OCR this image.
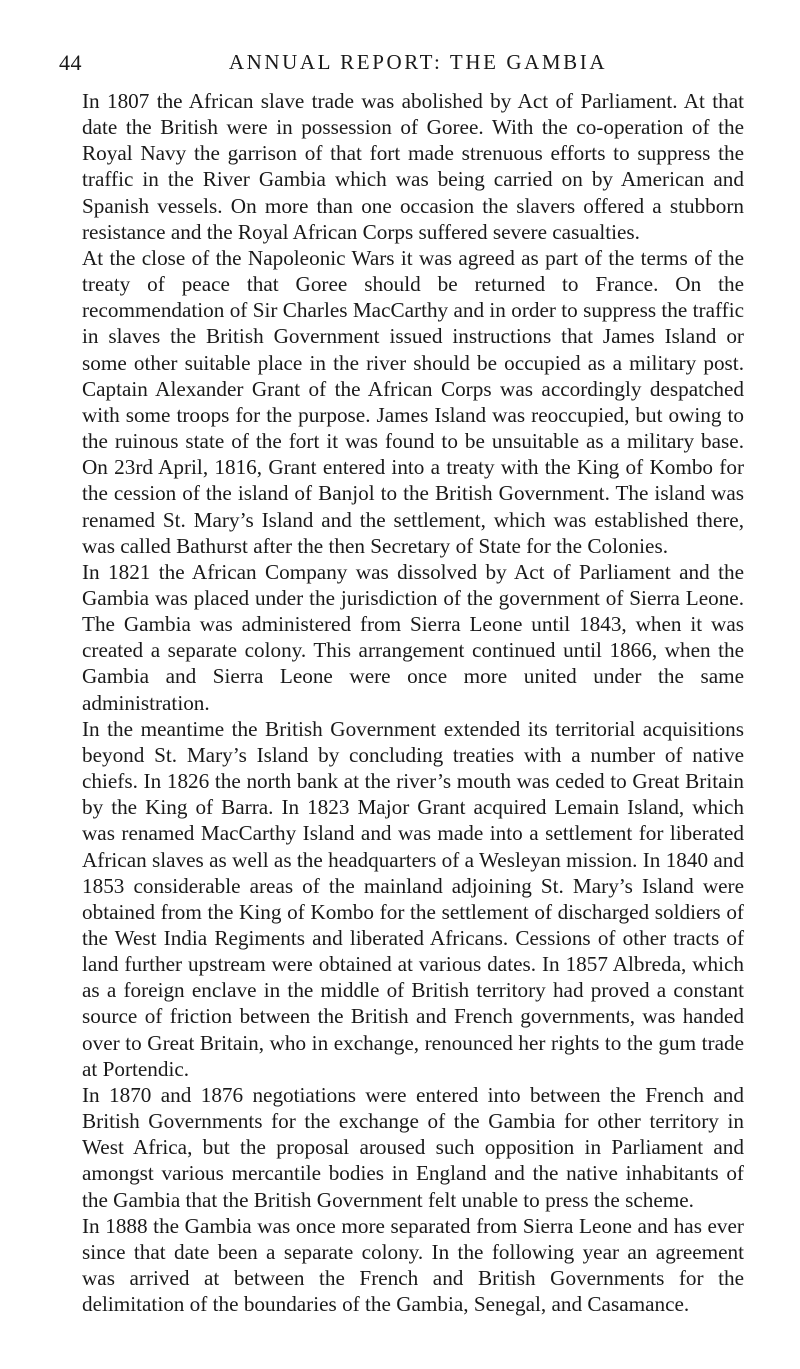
44	ANNUAL REPORT: THE GAMBIA

In 1807 the African slave trade was abolished by Act of Parliament. At that date the British were in possession of Goree. With the co-operation of the Royal Navy the garrison of that fort made strenuous efforts to suppress the traffic in the River Gambia which was being carried on by American and Spanish vessels. On more than one occasion the slavers offered a stubborn resistance and the Royal African Corps suffered severe casualties.

At the close of the Napoleonic Wars it was agreed as part of the terms of the treaty of peace that Goree should be returned to France. On the recommendation of Sir Charles MacCarthy and in order to suppress the traffic in slaves the British Government issued instructions that James Island or some other suitable place in the river should be occupied as a military post. Captain Alexander Grant of the African Corps was accordingly despatched with some troops for the purpose. James Island was reoccupied, but owing to the ruinous state of the fort it was found to be unsuitable as a military base. On 23rd April, 1816, Grant entered into a treaty with the King of Kombo for the cession of the island of Banjol to the British Government. The island was renamed St. Mary’s Island and the settlement, which was established there, was called Bathurst after the then Secretary of State for the Colonies.

In 1821 the African Company was dissolved by Act of Parliament and the Gambia was placed under the jurisdiction of the government of Sierra Leone. The Gambia was administered from Sierra Leone until 1843, when it was created a separate colony. This arrangement continued until 1866, when the Gambia and Sierra Leone were once more united under the same administration.

In the meantime the British Government extended its territorial acquisitions beyond St. Mary’s Island by concluding treaties with a number of native chiefs. In 1826 the north bank at the river’s mouth was ceded to Great Britain by the King of Barra. In 1823 Major Grant acquired Lemain Island, which was renamed MacCarthy Island and was made into a settlement for liberated African slaves as well as the headquarters of a Wesleyan mission. In 1840 and 1853 considerable areas of the mainland adjoining St. Mary’s Island were obtained from the King of Kombo for the settlement of discharged soldiers of the West India Regiments and liberated Africans. Cessions of other tracts of land further upstream were obtained at various dates. In 1857 Albreda, which as a foreign enclave in the middle of British territory had proved a constant source of friction between the British and French governments, was handed over to Great Britain, who in exchange, renounced her rights to the gum trade at Portendic.

In 1870 and 1876 negotiations were entered into between the French and British Governments for the exchange of the Gambia for other territory in West Africa, but the proposal aroused such opposition in Parliament and amongst various mercantile bodies in England and the native inhabitants of the Gambia that the British Government felt unable to press the scheme.

In 1888 the Gambia was once more separated from Sierra Leone and has ever since that date been a separate colony. In the following year an agreement was arrived at between the French and British Governments for the delimitation of the boundaries of the Gambia, Senegal, and Casamance.
